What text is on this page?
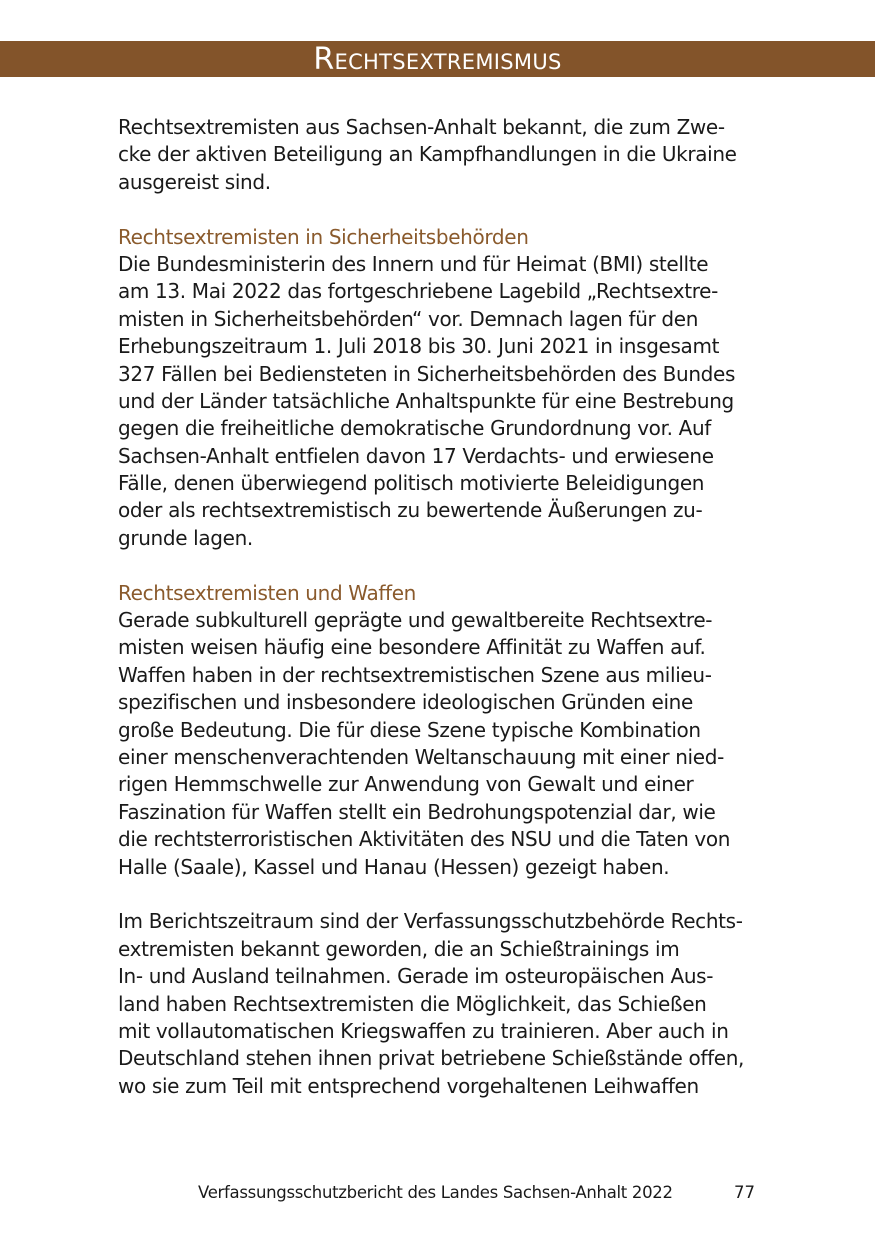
Rechtsextremismus
Rechtsextremisten aus Sachsen-Anhalt bekannt, die zum Zwe-
cke der aktiven Beteiligung an Kampfhandlungen in die Ukraine
ausgereist sind.
Rechtsextremisten in Sicherheitsbehörden
Die Bundesministerin des Innern und für Heimat (BMI) stellte
am 13. Mai 2022 das fortgeschriebene Lagebild „Rechtsextre-
misten in Sicherheitsbehörden“ vor. Demnach lagen für den
Erhebungszeitraum 1. Juli 2018 bis 30. Juni 2021 in insgesamt
327 Fällen bei Bediensteten in Sicherheitsbehörden des Bundes
und der Länder tatsächliche Anhaltspunkte für eine Bestrebung
gegen die freiheitliche demokratische Grundordnung vor. Auf
Sachsen-Anhalt entfielen davon 17 Verdachts- und erwiesene
Fälle, denen überwiegend politisch motivierte Beleidigungen
oder als rechtsextremistisch zu bewertende Äußerungen zu-
grunde lagen.
Rechtsextremisten und Waffen
Gerade subkulturell geprägte und gewaltbereite Rechtsextre-
misten weisen häufig eine besondere Affinität zu Waffen auf.
Waffen haben in der rechtsextremistischen Szene aus milieu-
spezifischen und insbesondere ideologischen Gründen eine
große Bedeutung. Die für diese Szene typische Kombination
einer menschenverachtenden Weltanschauung mit einer nied-
rigen Hemmschwelle zur Anwendung von Gewalt und einer
Faszination für Waffen stellt ein Bedrohungspotenzial dar, wie
die rechtsterroristischen Aktivitäten des NSU und die Taten von
Halle (Saale), Kassel und Hanau (Hessen) gezeigt haben.
Im Berichtszeitraum sind der Verfassungsschutzbehörde Rechts-
extremisten bekannt geworden, die an Schießtrainings im
In- und Ausland teilnahmen. Gerade im osteuropäischen Aus-
land haben Rechtsextremisten die Möglichkeit, das Schießen
mit vollautomatischen Kriegswaffen zu trainieren. Aber auch in
Deutschland stehen ihnen privat betriebene Schießstände offen,
wo sie zum Teil mit entsprechend vorgehaltenen Leihwaffen
Verfassungsschutzbericht des Landes Sachsen-Anhalt 2022	77
